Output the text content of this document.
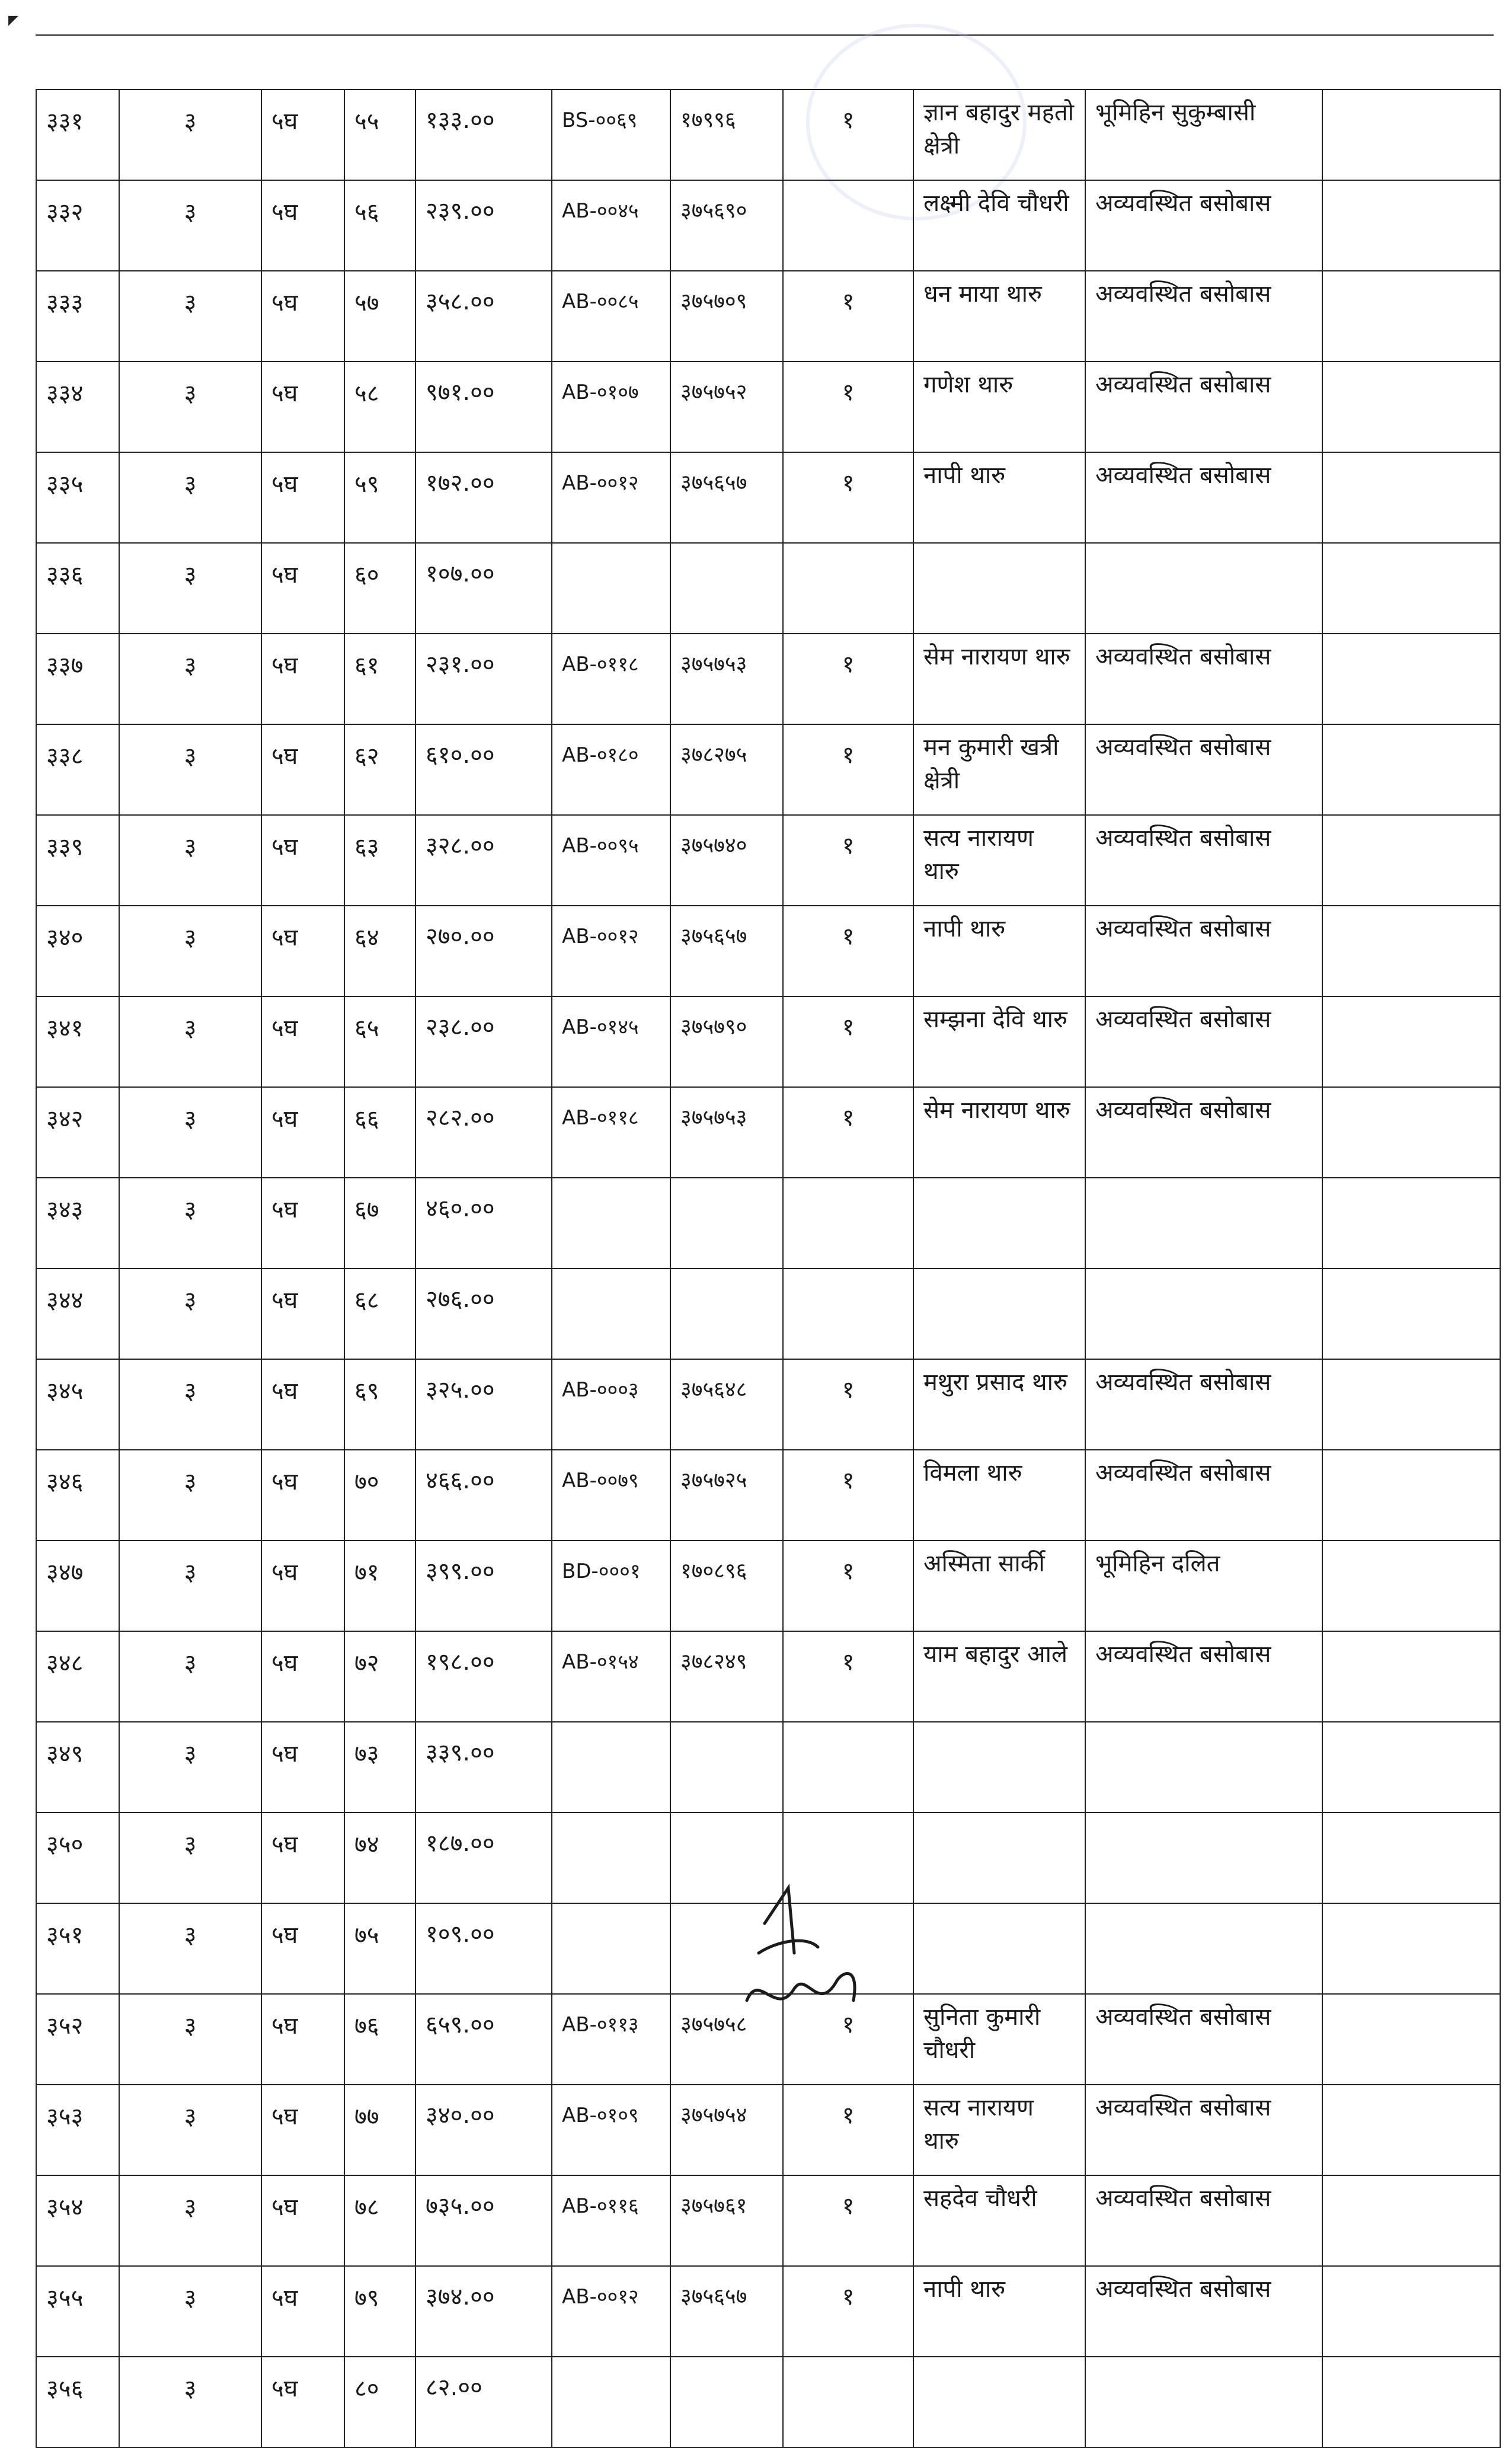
◤
३३१	३	५घ	५५	१३३.००	BS-००६९	१७९९६	१	ज्ञान बहादुर महतो क्षेत्री	भूमिहिन सुकुम्बासी	
३३२	३	५घ	५६	२३९.००	AB-००४५	३७५६९०		लक्ष्मी देवि चौधरी	अव्यवस्थित बसोबास	
३३३	३	५घ	५७	३५८.००	AB-००८५	३७५७०९	१	धन माया थारु	अव्यवस्थित बसोबास	
३३४	३	५घ	५८	९७१.००	AB-०१०७	३७५७५२	१	गणेश थारु	अव्यवस्थित बसोबास	
३३५	३	५घ	५९	१७२.००	AB-००१२	३७५६५७	१	नापी थारु	अव्यवस्थित बसोबास	
३३६	३	५घ	६०	१०७.००						
३३७	३	५घ	६१	२३१.००	AB-०११८	३७५७५३	१	सेम नारायण थारु	अव्यवस्थित बसोबास	
३३८	३	५घ	६२	६१०.००	AB-०१८०	३७८२७५	१	मन कुमारी खत्री क्षेत्री	अव्यवस्थित बसोबास	
३३९	३	५घ	६३	३२८.००	AB-००९५	३७५७४०	१	सत्य नारायण थारु	अव्यवस्थित बसोबास	
३४०	३	५घ	६४	२७०.००	AB-००१२	३७५६५७	१	नापी थारु	अव्यवस्थित बसोबास	
३४१	३	५घ	६५	२३८.००	AB-०१४५	३७५७९०	१	सम्झना देवि थारु	अव्यवस्थित बसोबास	
३४२	३	५घ	६६	२८२.००	AB-०११८	३७५७५३	१	सेम नारायण थारु	अव्यवस्थित बसोबास	
३४३	३	५घ	६७	४६०.००						
३४४	३	५घ	६८	२७६.००						
३४५	३	५घ	६९	३२५.००	AB-०००३	३७५६४८	१	मथुरा प्रसाद थारु	अव्यवस्थित बसोबास	
३४६	३	५घ	७०	४६६.००	AB-००७९	३७५७२५	१	विमला थारु	अव्यवस्थित बसोबास	
३४७	३	५घ	७१	३९९.००	BD-०००१	१७०८९६	१	अस्मिता सार्की	भूमिहिन दलित	
३४८	३	५घ	७२	१९८.००	AB-०१५४	३७८२४९	१	याम बहादुर आले	अव्यवस्थित बसोबास	
३४९	३	५घ	७३	३३९.००						
३५०	३	५घ	७४	१८७.००						
३५१	३	५घ	७५	१०९.००						
३५२	३	५घ	७६	६५९.००	AB-०११३	३७५७५८	१	सुनिता कुमारी चौधरी	अव्यवस्थित बसोबास	
३५३	३	५घ	७७	३४०.००	AB-०१०९	३७५७५४	१	सत्य नारायण थारु	अव्यवस्थित बसोबास	
३५४	३	५घ	७८	७३५.००	AB-०११६	३७५७६१	१	सहदेव चौधरी	अव्यवस्थित बसोबास	
३५५	३	५घ	७९	३७४.००	AB-००१२	३७५६५७	१	नापी थारु	अव्यवस्थित बसोबास	
३५६	३	५घ	८०	८२.००						
